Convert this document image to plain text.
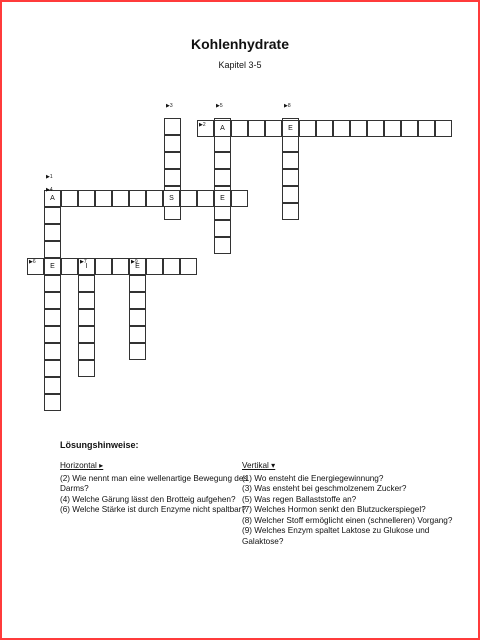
Kohlenhydrate
Kapitel 3-5
A	E
A	S	E
E	I	E
▶3	▶5	▶8
▶2
▶1
▶4
▶6	▶7	▶9
Lösungshinweise:
Horizontal ▸
(2) Wie nennt man eine wellenartige Bewegung des Darms?
(4) Welche Gärung lässt den Brotteig aufgehen?
(6) Welche Stärke ist durch Enzyme nicht spaltbar?
Vertikal ▾
(1) Wo ensteht die Energiegewinnung?
(3) Was ensteht bei geschmolzenem Zucker?
(5) Was regen Ballaststoffe an?
(7) Welches Hormon senkt den Blutzuckerspiegel?
(8) Welcher Stoff ermöglicht einen (schnelleren) Vorgang?
(9) Welches Enzym spaltet Laktose zu Glukose und Galaktose?
